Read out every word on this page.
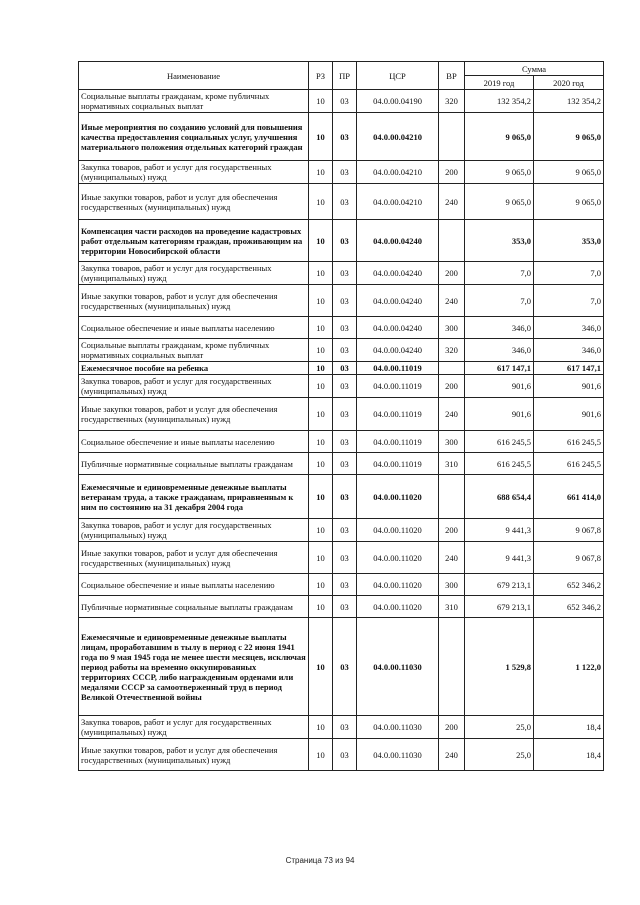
Наименование	РЗ	ПР	ЦСР	ВР	Сумма	
					2019 год	2020 год
Социальные выплаты гражданам, кроме публичных нормативных социальных выплат	10	03	04.0.00.04190	320	132 354,2	132 354,2
Иные мероприятия по созданию условий для повышения качества предоставления социальных услуг, улучшения материального положения отдельных категорий граждан	10	03	04.0.00.04210		9 065,0	9 065,0
Закупка товаров, работ и услуг для государственных (муниципальных) нужд	10	03	04.0.00.04210	200	9 065,0	9 065,0
Иные закупки товаров, работ и услуг для обеспечения государственных (муниципальных) нужд	10	03	04.0.00.04210	240	9 065,0	9 065,0
Компенсация части расходов на проведение кадастровых работ отдельным категориям граждан, проживающим на территории Новосибирской области	10	03	04.0.00.04240		353,0	353,0
Закупка товаров, работ и услуг для государственных (муниципальных) нужд	10	03	04.0.00.04240	200	7,0	7,0
Иные закупки товаров, работ и услуг для обеспечения государственных (муниципальных) нужд	10	03	04.0.00.04240	240	7,0	7,0
Социальное обеспечение и иные выплаты населению	10	03	04.0.00.04240	300	346,0	346,0
Социальные выплаты гражданам, кроме публичных нормативных социальных выплат	10	03	04.0.00.04240	320	346,0	346,0
Ежемесячное пособие на ребенка	10	03	04.0.00.11019		617 147,1	617 147,1
Закупка товаров, работ и услуг для государственных (муниципальных) нужд	10	03	04.0.00.11019	200	901,6	901,6
Иные закупки товаров, работ и услуг для обеспечения государственных (муниципальных) нужд	10	03	04.0.00.11019	240	901,6	901,6
Социальное обеспечение и иные выплаты населению	10	03	04.0.00.11019	300	616 245,5	616 245,5
Публичные нормативные социальные выплаты гражданам	10	03	04.0.00.11019	310	616 245,5	616 245,5
Ежемесячные и единовременные денежные выплаты ветеранам труда, а также гражданам, приравненным к ним по состоянию на 31 декабря 2004 года	10	03	04.0.00.11020		688 654,4	661 414,0
Закупка товаров, работ и услуг для государственных (муниципальных) нужд	10	03	04.0.00.11020	200	9 441,3	9 067,8
Иные закупки товаров, работ и услуг для обеспечения государственных (муниципальных) нужд	10	03	04.0.00.11020	240	9 441,3	9 067,8
Социальное обеспечение и иные выплаты населению	10	03	04.0.00.11020	300	679 213,1	652 346,2
Публичные нормативные социальные выплаты гражданам	10	03	04.0.00.11020	310	679 213,1	652 346,2
Ежемесячные и единовременные денежные выплаты лицам, проработавшим в тылу в период с 22 июня 1941 года по 9 мая 1945 года не менее шести месяцев, исключая период работы на временно оккупированных территориях СССР, либо награжденным орденами или медалями СССР за самоотверженный труд в период Великой Отечественной войны	10	03	04.0.00.11030		1 529,8	1 122,0
Закупка товаров, работ и услуг для государственных (муниципальных) нужд	10	03	04.0.00.11030	200	25,0	18,4
Иные закупки товаров, работ и услуг для обеспечения государственных (муниципальных) нужд	10	03	04.0.00.11030	240	25,0	18,4
Страница 73 из 94
